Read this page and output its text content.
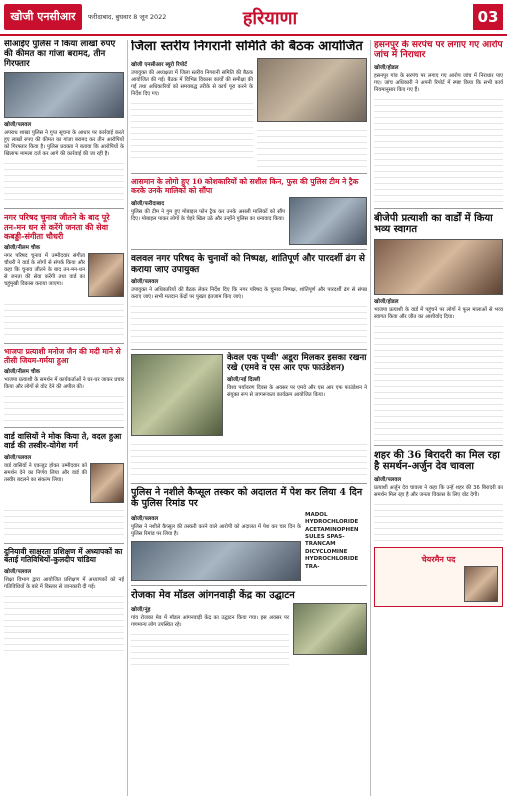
खोजी एनसीआर	फरीदाबाद, बुधवार 8 जून 2022	हरियाणा	03
सीआईए पुलिस ने किया लाखों रुपए की कीमत का गांजा बरामद, तीन गिरफ्तार
खोजी/पलवल
अपराध शाखा पुलिस ने गुप्त सूचना के आधार पर कार्रवाई करते हुए लाखों रुपए की कीमत का गांजा बरामद कर तीन आरोपियों को गिरफ्तार किया है। पुलिस प्रवक्ता ने बताया कि आरोपियों के खिलाफ मामला दर्ज कर आगे की कार्रवाई की जा रही है।
नगर परिषद चुनाव जीतने के बाद पूरे तन-मन धन से करेंगे जनता की सेवा कबड्डी-संगीता चौधरी
खोजी/नीलम चौक
नगर परिषद चुनाव में उम्मीदवार संगीता चौधरी ने वार्ड के लोगों से संपर्क किया और कहा कि चुनाव जीतने के बाद तन-मन-धन से जनता की सेवा करेंगी तथा वार्ड का चहुंमुखी विकास कराया जाएगा।
भाजपा प्रत्याशी मनोज जैन की मदी माने से तीसी जियम-गर्मया हुआ
खोजी/नीलम चौक
भाजपा प्रत्याशी के समर्थन में कार्यकर्ताओं ने घर-घर जाकर प्रचार किया और लोगों से वोट देने की अपील की।
वार्ड वासियों ने मोक किया ते, वदल हुआ वार्ड की तस्वीर-योगेश गर्ग
खोजी/पलवल
वार्ड वासियों ने एकजुट होकर उम्मीदवार को समर्थन देने का निर्णय लिया और वार्ड की तस्वीर बदलने का संकल्प लिया।
दुनियावी साक्षरता प्रशिक्षण में अध्यापकों का बताई गतिविधियों-कुलदीप चांडिया
खोजी/पलवल
शिक्षा विभाग द्वारा आयोजित प्रशिक्षण में अध्यापकों को नई गतिविधियों के बारे में विस्तार से जानकारी दी गई।
जिला स्तरीय निगरानी समिति की बैठक आयोजित
खोजी एनसीआर ब्यूरो रिपोर्ट
उपायुक्त की अध्यक्षता में जिला स्तरीय निगरानी समिति की बैठक आयोजित की गई। बैठक में विभिन्न विकास कार्यों की समीक्षा की गई तथा अधिकारियों को समयबद्ध तरीके से कार्य पूरा करने के निर्देश दिए गए।
आसमान के लोगो हुए 10 कोशकारियों को सशील किन, फुस की पुलिस टीम ने ट्रैक करके उनके मालिकों को सौंपा
खोजी/फरीदाबाद
पुलिस की टीम ने गुम हुए मोबाइल फोन ट्रैक कर उनके असली मालिकों को सौंप दिए। मोबाइल पाकर लोगों के चेहरे खिल उठे और उन्होंने पुलिस का धन्यवाद किया।
वलवल नगर परिषद के चुनावों को निष्पक्ष, शांतिपूर्ण और पारदर्शी ढंग से कराया जाए उपायुक्त
खोजी/पलवल
उपायुक्त ने अधिकारियों की बैठक लेकर निर्देश दिए कि नगर परिषद के चुनाव निष्पक्ष, शांतिपूर्ण और पारदर्शी ढंग से संपन्न कराए जाएं। सभी मतदान केंद्रों पर पुख्ता इंतजाम किए जाएं।
केवल एक पृथ्वी' अडूरा मिलकर इसका रखना रखे (एमवे व एस आर एफ फाउंडेशन)
खोजी/नई दिल्ली
विश्व पर्यावरण दिवस के अवसर पर एमवे और एस आर एफ फाउंडेशन ने संयुक्त रूप से जागरूकता कार्यक्रम आयोजित किया।
पुलिस ने नशीले कैप्सूल तस्कर को अदालत में पेश कर लिया 4 दिन के पुलिस रिमांड पर
खोजी/पलवल
पुलिस ने नशीले कैप्सूल की तस्करी करने वाले आरोपी को अदालत में पेश कर चार दिन के पुलिस रिमांड पर लिया है।
MADOL HYDROCHLORIDE ACETAMINOPHEN SULES SPAS-TRANCAM DICYCLOMINE HYDROCHLORIDE TRA-
रोजका मेव मॉडल आंगनवाड़ी केंद्र का उद्घाटन
खोजी/नूंह
गांव रोजका मेव में मॉडल आंगनवाड़ी केंद्र का उद्घाटन किया गया। इस अवसर पर गणमान्य लोग उपस्थित रहे।
हसनपुर के सरपंच पर लगाए गए आरोप जांच में निराधार
खोजी/होडल
हसनपुर गांव के सरपंच पर लगाए गए आरोप जांच में निराधार पाए गए। जांच अधिकारी ने अपनी रिपोर्ट में स्पष्ट किया कि सभी कार्य नियमानुसार किए गए हैं।
बीजेपी प्रत्याशी का वार्डों में किया भव्य स्वागत
खोजी/होडल
भाजपा प्रत्याशी के वार्ड में पहुंचने पर लोगों ने फूल मालाओं से भव्य स्वागत किया और जीत का आशीर्वाद दिया।
शहर की 36 बिरादरी का मिल रहा है समर्थन-अर्जुन देव चावला
खोजी/पलवल
प्रत्याशी अर्जुन देव चावला ने कहा कि उन्हें शहर की 36 बिरादरी का समर्थन मिल रहा है और जनता विकास के लिए वोट देगी।
चेयरमैन पद
